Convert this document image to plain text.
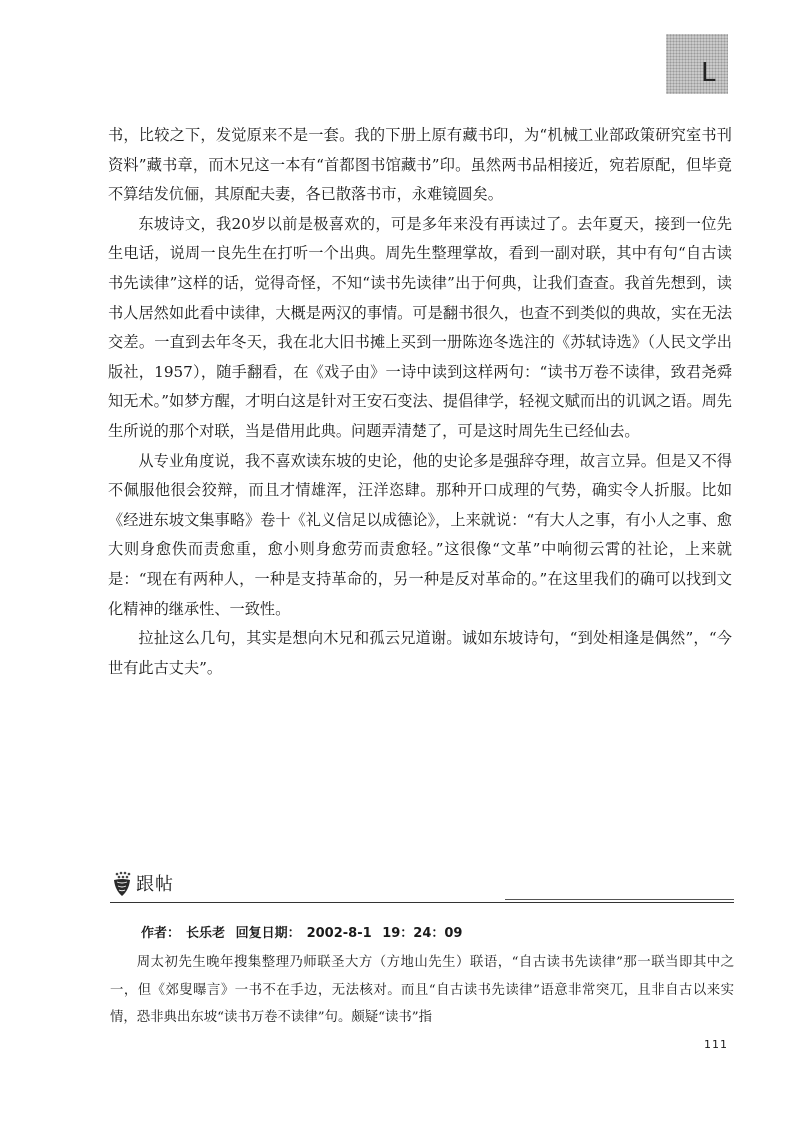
L

书，比较之下，发觉原来不是一套。我的下册上原有藏书印，为“机械工业部政策研究室书刊资料”藏书章，而木兄这一本有“首都图书馆藏书”印。虽然两书品相接近，宛若原配，但毕竟不算结发伉俪，其原配夫妻，各已散落书市，永难镜圆矣。

东坡诗文，我20岁以前是极喜欢的，可是多年来没有再读过了。去年夏天，接到一位先生电话，说周一良先生在打听一个出典。周先生整理掌故，看到一副对联，其中有句“自古读书先读律”这样的话，觉得奇怪，不知“读书先读律”出于何典，让我们查查。我首先想到，读书人居然如此看中读律，大概是两汉的事情。可是翻书很久，也查不到类似的典故，实在无法交差。一直到去年冬天，我在北大旧书摊上买到一册陈迩冬选注的《苏轼诗选》（人民文学出版社，1957），随手翻看，在《戏子由》一诗中读到这样两句：“读书万卷不读律，致君尧舜知无术。”如梦方醒，才明白这是针对王安石变法、提倡律学，轻视文赋而出的讥讽之语。周先生所说的那个对联，当是借用此典。问题弄清楚了，可是这时周先生已经仙去。

从专业角度说，我不喜欢读东坡的史论，他的史论多是强辞夺理，故言立异。但是又不得不佩服他很会狡辩，而且才情雄浑，汪洋恣肆。那种开口成理的气势，确实令人折服。比如《经进东坡文集事略》卷十《礼义信足以成德论》，上来就说：“有大人之事，有小人之事、愈大则身愈佚而责愈重，愈小则身愈劳而责愈轻。”这很像“文革”中响彻云霄的社论，上来就是：“现在有两种人，一种是支持革命的，另一种是反对革命的。”在这里我们的确可以找到文化精神的继承性、一致性。

拉扯这么几句，其实是想向木兄和孤云兄道谢。诚如东坡诗句，“到处相逢是偶然”，“今世有此古丈夫”。

跟帖
作者： 长乐老 回复日期： 2002-8-1 19：24：09

周太初先生晚年搜集整理乃师联圣大方（方地山先生）联语，“自古读书先读律”那一联当即其中之一，但《郊叟曝言》一书不在手边，无法核对。而且“自古读书先读律”语意非常突兀，且非自古以来实情，恐非典出东坡“读书万卷不读律”句。颇疑“读书”指

111
